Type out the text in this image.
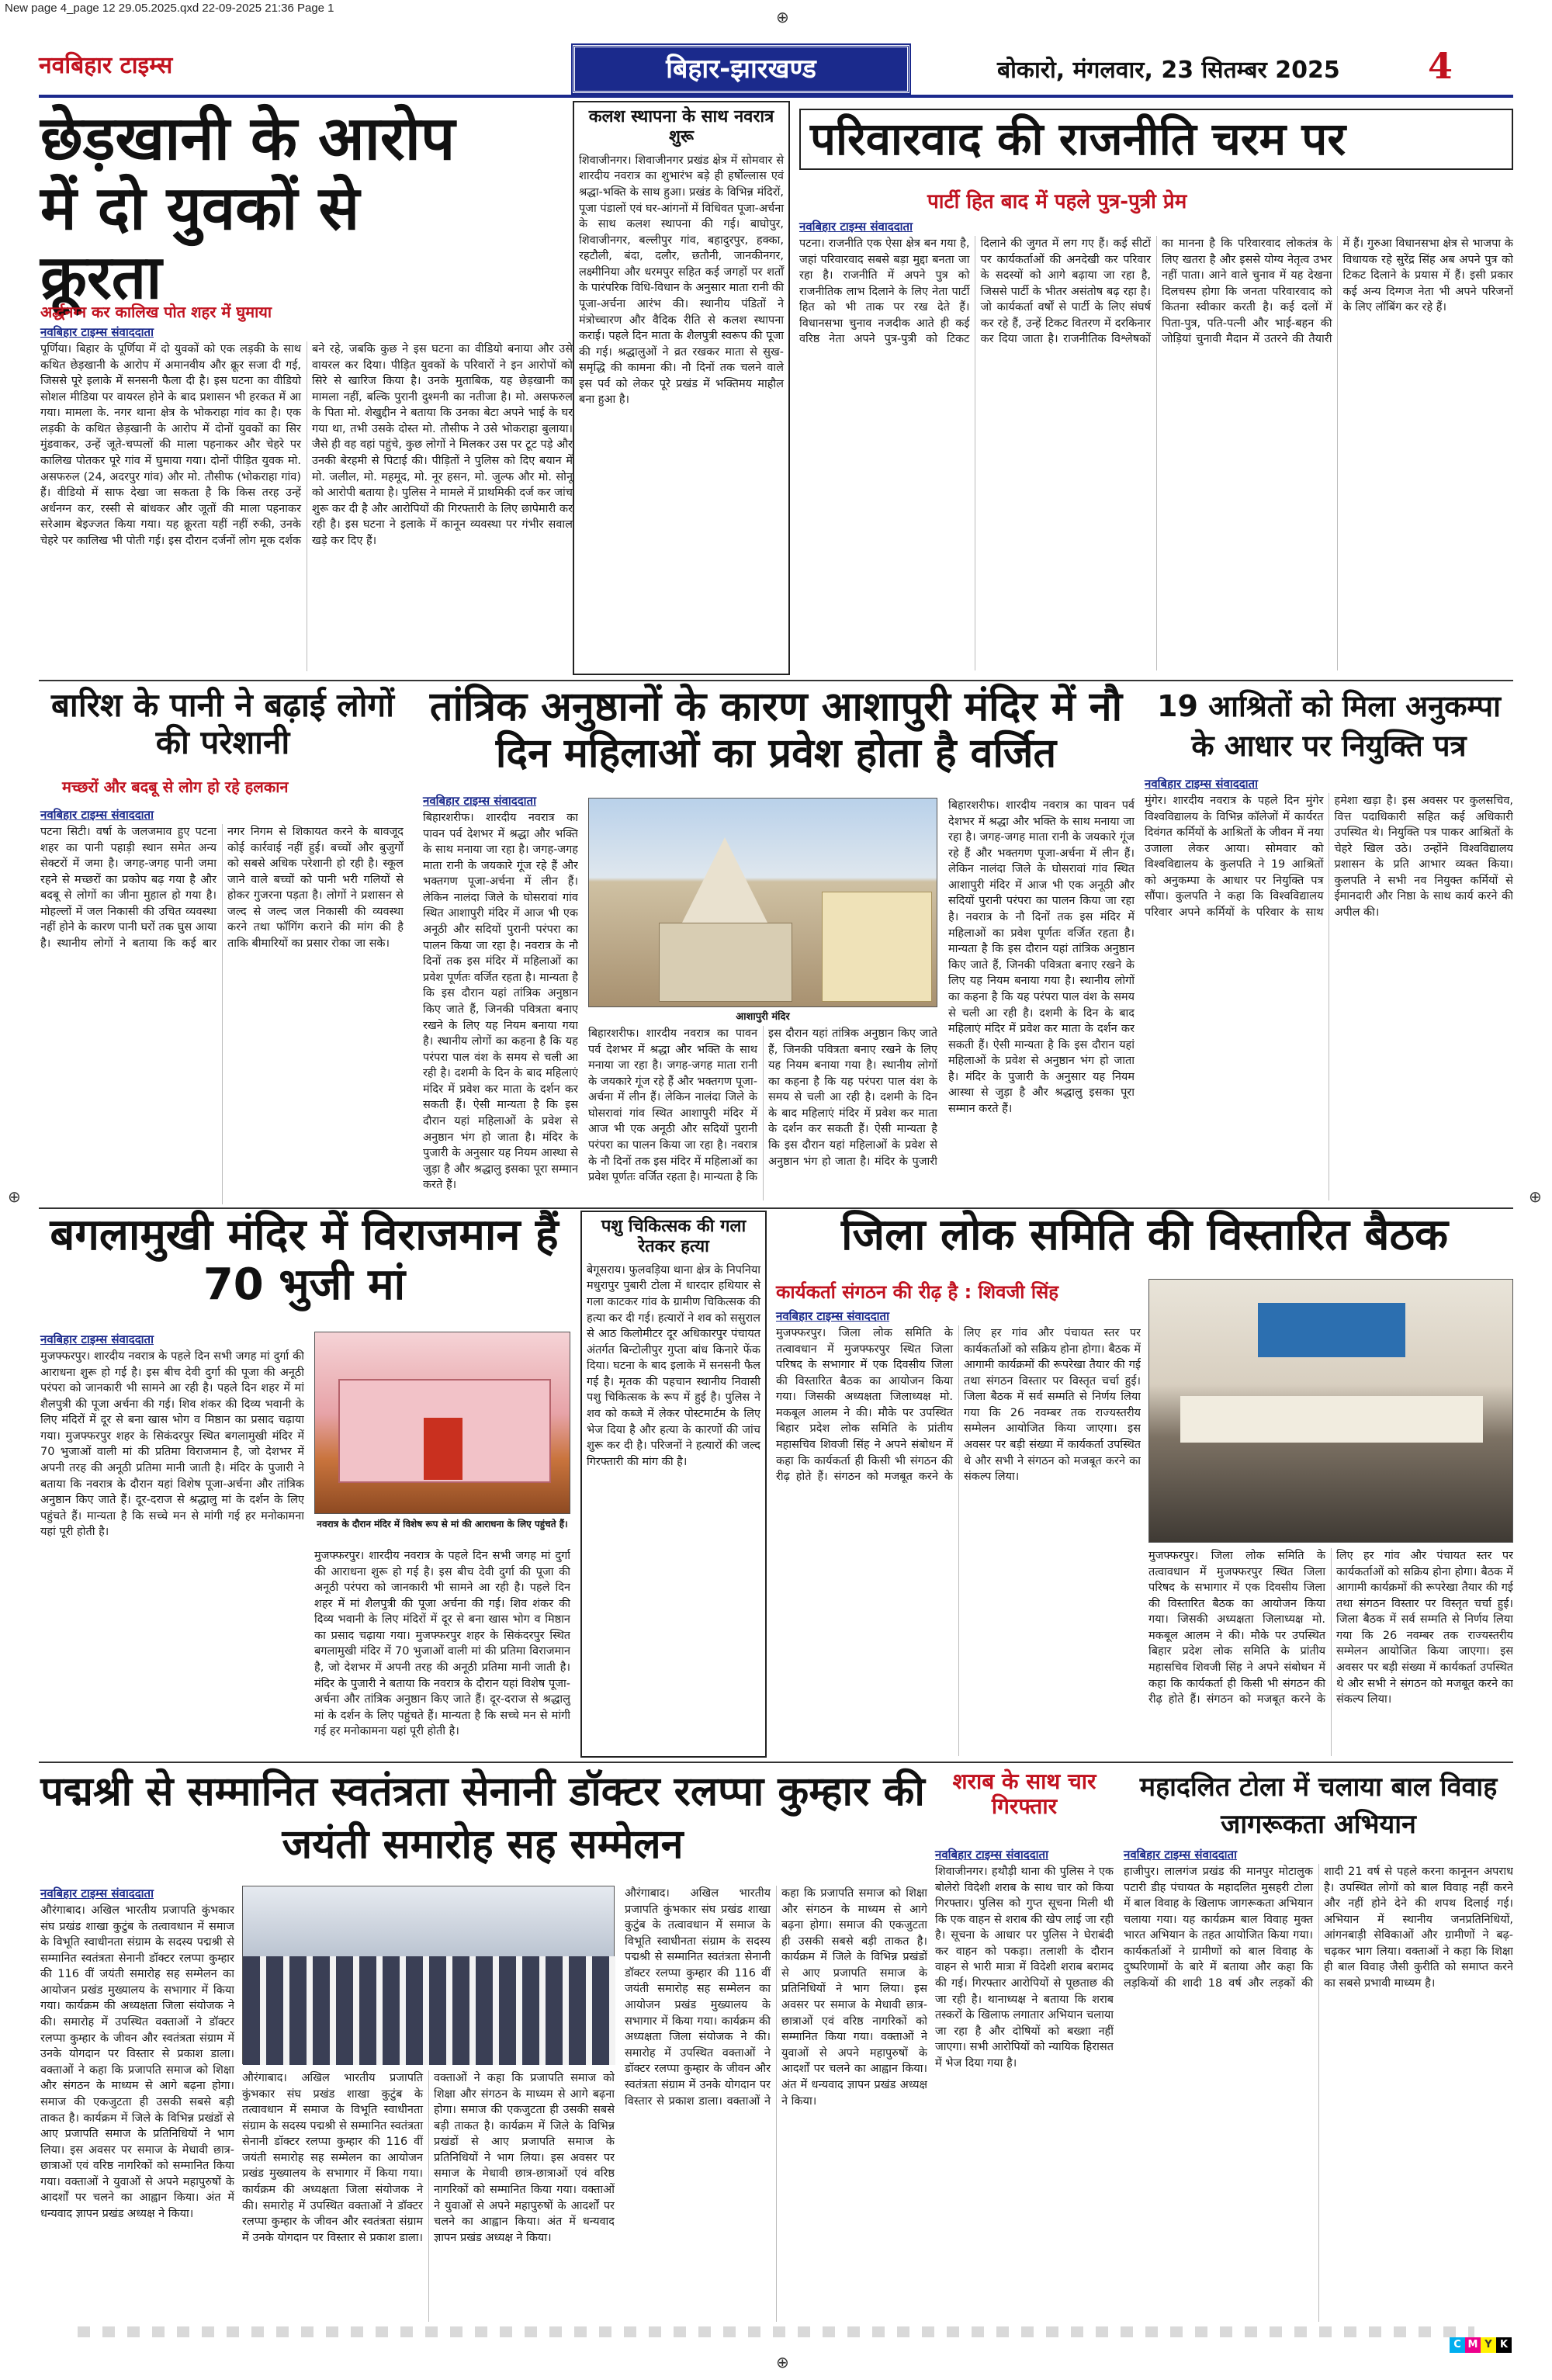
New page 4_page 12 29.05.2025.qxd 22-09-2025 21:36 Page 1	⊕
⊕
⊕	⊕
नवबिहार टाइम्स	बिहार-झारखण्ड	बोकारो, मंगलवार, 23 सितम्बर 2025 4
छेड़खानी के आरोप में दो युवकों से क्रूरता
अर्द्धनग्न कर कालिख पोत शहर में घुमाया
नवबिहार टाइम्स संवाददाता
पूर्णिया। बिहार के पूर्णिया में दो युवकों को एक लड़की के साथ कथित छेड़खानी के आरोप में अमानवीय और क्रूर सजा दी गई, जिससे पूरे इलाके में सनसनी फैला दी है। इस घटना का वीडियो सोशल मीडिया पर वायरल होने के बाद प्रशासन भी हरकत में आ गया। मामला के. नगर थाना क्षेत्र के भोकराहा गांव का है। एक लड़की के कथित छेड़खानी के आरोप में दोनों युवकों का सिर मुंडवाकर, उन्हें जूते-चप्पलों की माला पहनाकर और चेहरे पर कालिख पोतकर पूरे गांव में घुमाया गया। दोनों पीड़ित युवक मो. असफरुल (24, अदरपुर गांव) और मो. तौसीफ (भोकराहा गांव) हैं। वीडियो में साफ देखा जा सकता है कि किस तरह उन्हें अर्धनग्न कर, रस्सी से बांधकर और जूतों की माला पहनाकर सरेआम बेइज्जत किया गया। यह क्रूरता यहीं नहीं रुकी, उनके चेहरे पर कालिख भी पोती गई। इस दौरान दर्जनों लोग मूक दर्शक बने रहे, जबकि कुछ ने इस घटना का वीडियो बनाया और उसे वायरल कर दिया। पीड़ित युवकों के परिवारों ने इन आरोपों को सिरे से खारिज किया है। उनके मुताबिक, यह छेड़खानी का मामला नहीं, बल्कि पुरानी दुश्मनी का नतीजा है। मो. असफरुल के पिता मो. शेखुद्दीन ने बताया कि उनका बेटा अपने भाई के घर गया था, तभी उसके दोस्त मो. तौसीफ ने उसे भोकराहा बुलाया। जैसे ही वह वहां पहुंचे, कुछ लोगों ने मिलकर उस पर टूट पड़े और उनकी बेरहमी से पिटाई की। पीड़ितों ने पुलिस को दिए बयान में मो. जलील, मो. महमूद, मो. नूर हसन, मो. जुल्फ और मो. सोनू को आरोपी बताया है। पुलिस ने मामले में प्राथमिकी दर्ज कर जांच शुरू कर दी है और आरोपियों की गिरफ्तारी के लिए छापेमारी कर रही है। इस घटना ने इलाके में कानून व्यवस्था पर गंभीर सवाल खड़े कर दिए हैं।
कलश स्थापना के साथ नवरात्र शुरू
शिवाजीनगर। शिवाजीनगर प्रखंड क्षेत्र में सोमवार से शारदीय नवरात्र का शुभारंभ बड़े ही हर्षोल्लास एवं श्रद्धा-भक्ति के साथ हुआ। प्रखंड के विभिन्न मंदिरों, पूजा पंडालों एवं घर-आंगनों में विधिवत पूजा-अर्चना के साथ कलश स्थापना की गई। बाघोपुर, शिवाजीनगर, बल्लीपुर गांव, बहादुरपुर, हक्का, रहटौली, बंदा, दलौर, छतौनी, जानकीनगर, लक्ष्मीनिया और धरमपुर सहित कई जगहों पर शर्तों के पारंपरिक विधि-विधान के अनुसार माता रानी की पूजा-अर्चना आरंभ की। स्थानीय पंडितों ने मंत्रोच्चारण और वैदिक रीति से कलश स्थापना कराई। पहले दिन माता के शैलपुत्री स्वरूप की पूजा की गई। श्रद्धालुओं ने व्रत रखकर माता से सुख-समृद्धि की कामना की। नौ दिनों तक चलने वाले इस पर्व को लेकर पूरे प्रखंड में भक्तिमय माहौल बना हुआ है।
परिवारवाद की राजनीति चरम पर
पार्टी हित बाद में पहले पुत्र-पुत्री प्रेम
नवबिहार टाइम्स संवाददाता
पटना। राजनीति एक ऐसा क्षेत्र बन गया है, जहां परिवारवाद सबसे बड़ा मुद्दा बनता जा रहा है। राजनीति में अपने पुत्र को राजनीतिक लाभ दिलाने के लिए नेता पार्टी हित को भी ताक पर रख देते हैं। विधानसभा चुनाव नजदीक आते ही कई वरिष्ठ नेता अपने पुत्र-पुत्री को टिकट दिलाने की जुगत में लग गए हैं। कई सीटों पर कार्यकर्ताओं की अनदेखी कर परिवार के सदस्यों को आगे बढ़ाया जा रहा है, जिससे पार्टी के भीतर असंतोष बढ़ रहा है। जो कार्यकर्ता वर्षों से पार्टी के लिए संघर्ष कर रहे हैं, उन्हें टिकट वितरण में दरकिनार कर दिया जाता है। राजनीतिक विश्लेषकों का मानना है कि परिवारवाद लोकतंत्र के लिए खतरा है और इससे योग्य नेतृत्व उभर नहीं पाता। आने वाले चुनाव में यह देखना दिलचस्प होगा कि जनता परिवारवाद को कितना स्वीकार करती है। कई दलों में पिता-पुत्र, पति-पत्नी और भाई-बहन की जोड़ियां चुनावी मैदान में उतरने की तैयारी में हैं। गुरुआ विधानसभा क्षेत्र से भाजपा के विधायक रहे सुरेंद्र सिंह अब अपने पुत्र को टिकट दिलाने के प्रयास में हैं। इसी प्रकार कई अन्य दिग्गज नेता भी अपने परिजनों के लिए लॉबिंग कर रहे हैं।
बारिश के पानी ने बढ़ाई लोगों की परेशानी
मच्छरों और बदबू से लोग हो रहे हलकान
नवबिहार टाइम्स संवाददाता
पटना सिटी। वर्षा के जलजमाव हुए पटना शहर का पानी पहाड़ी स्थान समेत अन्य सेक्टरों में जमा है। जगह-जगह पानी जमा रहने से मच्छरों का प्रकोप बढ़ गया है और बदबू से लोगों का जीना मुहाल हो गया है। मोहल्लों में जल निकासी की उचित व्यवस्था नहीं होने के कारण पानी घरों तक घुस आया है। स्थानीय लोगों ने बताया कि कई बार नगर निगम से शिकायत करने के बावजूद कोई कार्रवाई नहीं हुई। बच्चों और बुजुर्गों को सबसे अधिक परेशानी हो रही है। स्कूल जाने वाले बच्चों को पानी भरी गलियों से होकर गुजरना पड़ता है। लोगों ने प्रशासन से जल्द से जल्द जल निकासी की व्यवस्था करने तथा फॉगिंग कराने की मांग की है ताकि बीमारियों का प्रसार रोका जा सके।
तांत्रिक अनुष्ठानों के कारण आशापुरी मंदिर में नौ दिन महिलाओं का प्रवेश होता है वर्जित
नवबिहार टाइम्स संवाददाता
बिहारशरीफ। शारदीय नवरात्र का पावन पर्व देशभर में श्रद्धा और भक्ति के साथ मनाया जा रहा है। जगह-जगह माता रानी के जयकारे गूंज रहे हैं और भक्तगण पूजा-अर्चना में लीन हैं। लेकिन नालंदा जिले के घोसरावां गांव स्थित आशापुरी मंदिर में आज भी एक अनूठी और सदियों पुरानी परंपरा का पालन किया जा रहा है। नवरात्र के नौ दिनों तक इस मंदिर में महिलाओं का प्रवेश पूर्णतः वर्जित रहता है। मान्यता है कि इस दौरान यहां तांत्रिक अनुष्ठान किए जाते हैं, जिनकी पवित्रता बनाए रखने के लिए यह नियम बनाया गया है। स्थानीय लोगों का कहना है कि यह परंपरा पाल वंश के समय से चली आ रही है। दशमी के दिन के बाद महिलाएं मंदिर में प्रवेश कर माता के दर्शन कर सकती हैं। ऐसी मान्यता है कि इस दौरान यहां महिलाओं के प्रवेश से अनुष्ठान भंग हो जाता है। मंदिर के पुजारी के अनुसार यह नियम आस्था से जुड़ा है और श्रद्धालु इसका पूरा सम्मान करते हैं।
आशापुरी मंदिर
बिहारशरीफ। शारदीय नवरात्र का पावन पर्व देशभर में श्रद्धा और भक्ति के साथ मनाया जा रहा है। जगह-जगह माता रानी के जयकारे गूंज रहे हैं और भक्तगण पूजा-अर्चना में लीन हैं। लेकिन नालंदा जिले के घोसरावां गांव स्थित आशापुरी मंदिर में आज भी एक अनूठी और सदियों पुरानी परंपरा का पालन किया जा रहा है। नवरात्र के नौ दिनों तक इस मंदिर में महिलाओं का प्रवेश पूर्णतः वर्जित रहता है। मान्यता है कि इस दौरान यहां तांत्रिक अनुष्ठान किए जाते हैं, जिनकी पवित्रता बनाए रखने के लिए यह नियम बनाया गया है। स्थानीय लोगों का कहना है कि यह परंपरा पाल वंश के समय से चली आ रही है। दशमी के दिन के बाद महिलाएं मंदिर में प्रवेश कर माता के दर्शन कर सकती हैं। ऐसी मान्यता है कि इस दौरान यहां महिलाओं के प्रवेश से अनुष्ठान भंग हो जाता है। मंदिर के पुजारी
बिहारशरीफ। शारदीय नवरात्र का पावन पर्व देशभर में श्रद्धा और भक्ति के साथ मनाया जा रहा है। जगह-जगह माता रानी के जयकारे गूंज रहे हैं और भक्तगण पूजा-अर्चना में लीन हैं। लेकिन नालंदा जिले के घोसरावां गांव स्थित आशापुरी मंदिर में आज भी एक अनूठी और सदियों पुरानी परंपरा का पालन किया जा रहा है। नवरात्र के नौ दिनों तक इस मंदिर में महिलाओं का प्रवेश पूर्णतः वर्जित रहता है। मान्यता है कि इस दौरान यहां तांत्रिक अनुष्ठान किए जाते हैं, जिनकी पवित्रता बनाए रखने के लिए यह नियम बनाया गया है। स्थानीय लोगों का कहना है कि यह परंपरा पाल वंश के समय से चली आ रही है। दशमी के दिन के बाद महिलाएं मंदिर में प्रवेश कर माता के दर्शन कर सकती हैं। ऐसी मान्यता है कि इस दौरान यहां महिलाओं के प्रवेश से अनुष्ठान भंग हो जाता है। मंदिर के पुजारी के अनुसार यह नियम आस्था से जुड़ा है और श्रद्धालु इसका पूरा सम्मान करते हैं।
19 आश्रितों को मिला अनुकम्पा के आधार पर नियुक्ति पत्र
नवबिहार टाइम्स संवाददाता
मुंगेर। शारदीय नवरात्र के पहले दिन मुंगेर विश्वविद्यालय के विभिन्न कॉलेजों में कार्यरत दिवंगत कर्मियों के आश्रितों के जीवन में नया उजाला लेकर आया। सोमवार को विश्वविद्यालय के कुलपति ने 19 आश्रितों को अनुकम्पा के आधार पर नियुक्ति पत्र सौंपा। कुलपति ने कहा कि विश्वविद्यालय परिवार अपने कर्मियों के परिवार के साथ हमेशा खड़ा है। इस अवसर पर कुलसचिव, वित्त पदाधिकारी सहित कई अधिकारी उपस्थित थे। नियुक्ति पत्र पाकर आश्रितों के चेहरे खिल उठे। उन्होंने विश्वविद्यालय प्रशासन के प्रति आभार व्यक्त किया। कुलपति ने सभी नव नियुक्त कर्मियों से ईमानदारी और निष्ठा के साथ कार्य करने की अपील की।
बगलामुखी मंदिर में विराजमान हैं 70 भुजी मां
नवबिहार टाइम्स संवाददाता
मुजफ्फरपुर। शारदीय नवरात्र के पहले दिन सभी जगह मां दुर्गा की आराधना शुरू हो गई है। इस बीच देवी दुर्गा की पूजा की अनूठी परंपरा को जानकारी भी सामने आ रही है। पहले दिन शहर में मां शैलपुत्री की पूजा अर्चना की गई। शिव शंकर की दिव्य भवानी के लिए मंदिरों में दूर से बना खास भोग व मिष्ठान का प्रसाद चढ़ाया गया। मुजफ्फरपुर शहर के सिकंदरपुर स्थित बगलामुखी मंदिर में 70 भुजाओं वाली मां की प्रतिमा विराजमान है, जो देशभर में अपनी तरह की अनूठी प्रतिमा मानी जाती है। मंदिर के पुजारी ने बताया कि नवरात्र के दौरान यहां विशेष पूजा-अर्चना और तांत्रिक अनुष्ठान किए जाते हैं। दूर-दराज से श्रद्धालु मां के दर्शन के लिए पहुंचते हैं। मान्यता है कि सच्चे मन से मांगी गई हर मनोकामना यहां पूरी होती है।
नवरात्र के दौरान मंदिर में विशेष रूप से मां की आराधना के लिए पहुंचते हैं।
मुजफ्फरपुर। शारदीय नवरात्र के पहले दिन सभी जगह मां दुर्गा की आराधना शुरू हो गई है। इस बीच देवी दुर्गा की पूजा की अनूठी परंपरा को जानकारी भी सामने आ रही है। पहले दिन शहर में मां शैलपुत्री की पूजा अर्चना की गई। शिव शंकर की दिव्य भवानी के लिए मंदिरों में दूर से बना खास भोग व मिष्ठान का प्रसाद चढ़ाया गया। मुजफ्फरपुर शहर के सिकंदरपुर स्थित बगलामुखी मंदिर में 70 भुजाओं वाली मां की प्रतिमा विराजमान है, जो देशभर में अपनी तरह की अनूठी प्रतिमा मानी जाती है। मंदिर के पुजारी ने बताया कि नवरात्र के दौरान यहां विशेष पूजा-अर्चना और तांत्रिक अनुष्ठान किए जाते हैं। दूर-दराज से श्रद्धालु मां के दर्शन के लिए पहुंचते हैं। मान्यता है कि सच्चे मन से मांगी गई हर मनोकामना यहां पूरी होती है।
पशु चिकित्सक की गला रेतकर हत्या
बेगूसराय। फुलवड़िया थाना क्षेत्र के निपनिया मधुरापुर पुबारी टोला में धारदार हथियार से गला काटकर गांव के ग्रामीण चिकित्सक की हत्या कर दी गई। हत्यारों ने शव को ससुराल से आठ किलोमीटर दूर अधिकारपुर पंचायत अंतर्गत बिन्टोलीपुर गुप्ता बांध किनारे फेंक दिया। घटना के बाद इलाके में सनसनी फैल गई है। मृतक की पहचान स्थानीय निवासी पशु चिकित्सक के रूप में हुई है। पुलिस ने शव को कब्जे में लेकर पोस्टमार्टम के लिए भेज दिया है और हत्या के कारणों की जांच शुरू कर दी है। परिजनों ने हत्यारों की जल्द गिरफ्तारी की मांग की है।
जिला लोक समिति की विस्तारित बैठक
कार्यकर्ता संगठन की रीढ़ है : शिवजी सिंह
नवबिहार टाइम्स संवाददाता
मुजफ्फरपुर। जिला लोक समिति के तत्वावधान में मुजफ्फरपुर स्थित जिला परिषद के सभागार में एक दिवसीय जिला की विस्तारित बैठक का आयोजन किया गया। जिसकी अध्यक्षता जिलाध्यक्ष मो. मकबूल आलम ने की। मौके पर उपस्थित बिहार प्रदेश लोक समिति के प्रांतीय महासचिव शिवजी सिंह ने अपने संबोधन में कहा कि कार्यकर्ता ही किसी भी संगठन की रीढ़ होते हैं। संगठन को मजबूत करने के लिए हर गांव और पंचायत स्तर पर कार्यकर्ताओं को सक्रिय होना होगा। बैठक में आगामी कार्यक्रमों की रूपरेखा तैयार की गई तथा संगठन विस्तार पर विस्तृत चर्चा हुई। जिला बैठक में सर्व सम्मति से निर्णय लिया गया कि 26 नवम्बर तक राज्यस्तरीय सम्मेलन आयोजित किया जाएगा। इस अवसर पर बड़ी संख्या में कार्यकर्ता उपस्थित थे और सभी ने संगठन को मजबूत करने का संकल्प लिया।
मुजफ्फरपुर। जिला लोक समिति के तत्वावधान में मुजफ्फरपुर स्थित जिला परिषद के सभागार में एक दिवसीय जिला की विस्तारित बैठक का आयोजन किया गया। जिसकी अध्यक्षता जिलाध्यक्ष मो. मकबूल आलम ने की। मौके पर उपस्थित बिहार प्रदेश लोक समिति के प्रांतीय महासचिव शिवजी सिंह ने अपने संबोधन में कहा कि कार्यकर्ता ही किसी भी संगठन की रीढ़ होते हैं। संगठन को मजबूत करने के लिए हर गांव और पंचायत स्तर पर कार्यकर्ताओं को सक्रिय होना होगा। बैठक में आगामी कार्यक्रमों की रूपरेखा तैयार की गई तथा संगठन विस्तार पर विस्तृत चर्चा हुई। जिला बैठक में सर्व सम्मति से निर्णय लिया गया कि 26 नवम्बर तक राज्यस्तरीय सम्मेलन आयोजित किया जाएगा। इस अवसर पर बड़ी संख्या में कार्यकर्ता उपस्थित थे और सभी ने संगठन को मजबूत करने का संकल्प लिया।
पद्मश्री से सम्मानित स्वतंत्रता सेनानी डॉक्टर रलप्पा कुम्हार की जयंती समारोह सह सम्मेलन
नवबिहार टाइम्स संवाददाता
औरंगाबाद। अखिल भारतीय प्रजापति कुंभकार संघ प्रखंड शाखा कुटुंब के तत्वावधान में समाज के विभूति स्वाधीनता संग्राम के सदस्य पद्मश्री से सम्मानित स्वतंत्रता सेनानी डॉक्टर रलप्पा कुम्हार की 116 वीं जयंती समारोह सह सम्मेलन का आयोजन प्रखंड मुख्यालय के सभागार में किया गया। कार्यक्रम की अध्यक्षता जिला संयोजक ने की। समारोह में उपस्थित वक्ताओं ने डॉक्टर रलप्पा कुम्हार के जीवन और स्वतंत्रता संग्राम में उनके योगदान पर विस्तार से प्रकाश डाला। वक्ताओं ने कहा कि प्रजापति समाज को शिक्षा और संगठन के माध्यम से आगे बढ़ना होगा। समाज की एकजुटता ही उसकी सबसे बड़ी ताकत है। कार्यक्रम में जिले के विभिन्न प्रखंडों से आए प्रजापति समाज के प्रतिनिधियों ने भाग लिया। इस अवसर पर समाज के मेधावी छात्र-छात्राओं एवं वरिष्ठ नागरिकों को सम्मानित किया गया। वक्ताओं ने युवाओं से अपने महापुरुषों के आदर्शों पर चलने का आह्वान किया। अंत में धन्यवाद ज्ञापन प्रखंड अध्यक्ष ने किया।
औरंगाबाद। अखिल भारतीय प्रजापति कुंभकार संघ प्रखंड शाखा कुटुंब के तत्वावधान में समाज के विभूति स्वाधीनता संग्राम के सदस्य पद्मश्री से सम्मानित स्वतंत्रता सेनानी डॉक्टर रलप्पा कुम्हार की 116 वीं जयंती समारोह सह सम्मेलन का आयोजन प्रखंड मुख्यालय के सभागार में किया गया। कार्यक्रम की अध्यक्षता जिला संयोजक ने की। समारोह में उपस्थित वक्ताओं ने डॉक्टर रलप्पा कुम्हार के जीवन और स्वतंत्रता संग्राम में उनके योगदान पर विस्तार से प्रकाश डाला। वक्ताओं ने कहा कि प्रजापति समाज को शिक्षा और संगठन के माध्यम से आगे बढ़ना होगा। समाज की एकजुटता ही उसकी सबसे बड़ी ताकत है। कार्यक्रम में जिले के विभिन्न प्रखंडों से आए प्रजापति समाज के प्रतिनिधियों ने भाग लिया। इस अवसर पर समाज के मेधावी छात्र-छात्राओं एवं वरिष्ठ नागरिकों को सम्मानित किया गया। वक्ताओं ने युवाओं से अपने महापुरुषों के आदर्शों पर चलने का आह्वान किया। अंत में धन्यवाद ज्ञापन प्रखंड अध्यक्ष ने किया।
औरंगाबाद। अखिल भारतीय प्रजापति कुंभकार संघ प्रखंड शाखा कुटुंब के तत्वावधान में समाज के विभूति स्वाधीनता संग्राम के सदस्य पद्मश्री से सम्मानित स्वतंत्रता सेनानी डॉक्टर रलप्पा कुम्हार की 116 वीं जयंती समारोह सह सम्मेलन का आयोजन प्रखंड मुख्यालय के सभागार में किया गया। कार्यक्रम की अध्यक्षता जिला संयोजक ने की। समारोह में उपस्थित वक्ताओं ने डॉक्टर रलप्पा कुम्हार के जीवन और स्वतंत्रता संग्राम में उनके योगदान पर विस्तार से प्रकाश डाला। वक्ताओं ने कहा कि प्रजापति समाज को शिक्षा और संगठन के माध्यम से आगे बढ़ना होगा। समाज की एकजुटता ही उसकी सबसे बड़ी ताकत है। कार्यक्रम में जिले के विभिन्न प्रखंडों से आए प्रजापति समाज के प्रतिनिधियों ने भाग लिया। इस अवसर पर समाज के मेधावी छात्र-छात्राओं एवं वरिष्ठ नागरिकों को सम्मानित किया गया। वक्ताओं ने युवाओं से अपने महापुरुषों के आदर्शों पर चलने का आह्वान किया। अंत में धन्यवाद ज्ञापन प्रखंड अध्यक्ष ने किया।
शराब के साथ चार गिरफ्तार
नवबिहार टाइम्स संवाददाता
शिवाजीनगर। हथौड़ी थाना की पुलिस ने एक बोलेरो विदेशी शराब के साथ चार को किया गिरफ्तार। पुलिस को गुप्त सूचना मिली थी कि एक वाहन से शराब की खेप लाई जा रही है। सूचना के आधार पर पुलिस ने घेराबंदी कर वाहन को पकड़ा। तलाशी के दौरान वाहन से भारी मात्रा में विदेशी शराब बरामद की गई। गिरफ्तार आरोपियों से पूछताछ की जा रही है। थानाध्यक्ष ने बताया कि शराब तस्करों के खिलाफ लगातार अभियान चलाया जा रहा है और दोषियों को बख्शा नहीं जाएगा। सभी आरोपियों को न्यायिक हिरासत में भेज दिया गया है।
महादलित टोला में चलाया बाल विवाह जागरूकता अभियान
नवबिहार टाइम्स संवाददाता
हाजीपुर। लालगंज प्रखंड की मानपुर मोटालुक पटारी डीह पंचायत के महादलित मुसहरी टोला में बाल विवाह के खिलाफ जागरूकता अभियान चलाया गया। यह कार्यक्रम बाल विवाह मुक्त भारत अभियान के तहत आयोजित किया गया। कार्यकर्ताओं ने ग्रामीणों को बाल विवाह के दुष्परिणामों के बारे में बताया और कहा कि लड़कियों की शादी 18 वर्ष और लड़कों की शादी 21 वर्ष से पहले करना कानूनन अपराध है। उपस्थित लोगों को बाल विवाह नहीं करने और नहीं होने देने की शपथ दिलाई गई। अभियान में स्थानीय जनप्रतिनिधियों, आंगनबाड़ी सेविकाओं और ग्रामीणों ने बढ़-चढ़कर भाग लिया। वक्ताओं ने कहा कि शिक्षा ही बाल विवाह जैसी कुरीति को समाप्त करने का सबसे प्रभावी माध्यम है।
C M Y K
